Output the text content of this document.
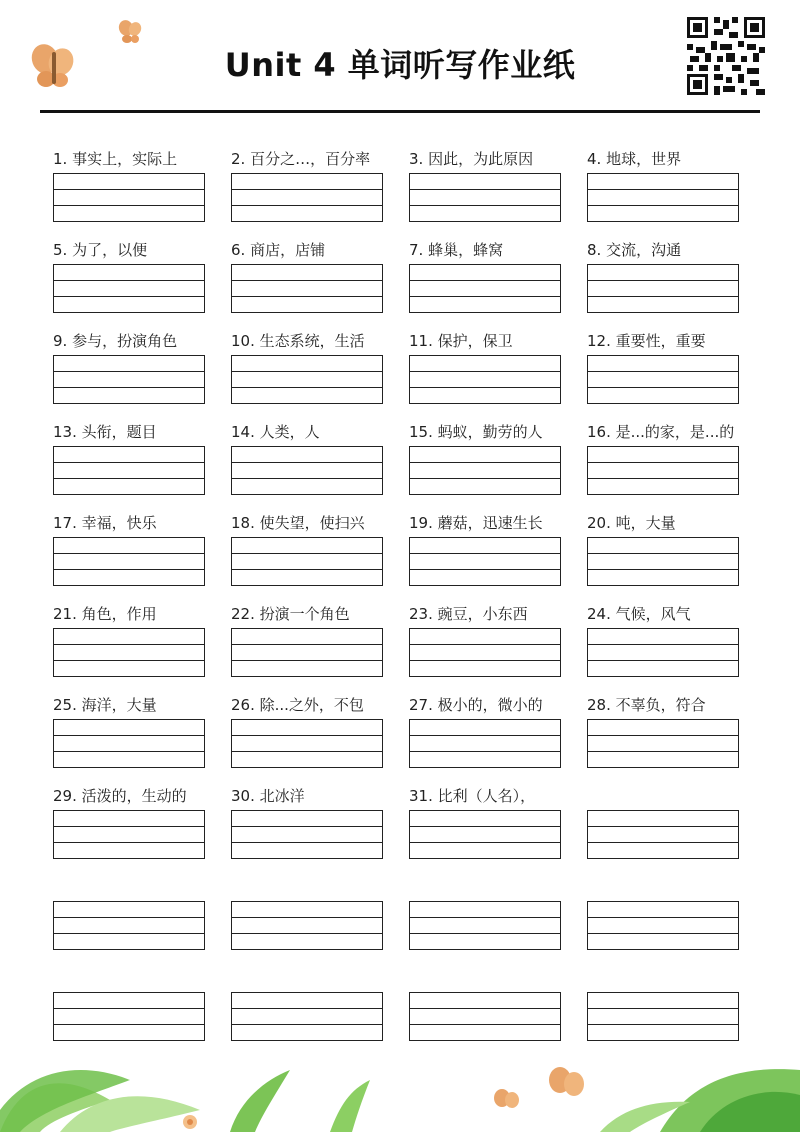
Unit 4 单词听写作业纸
1. 事实上，实际上	2. 百分之…，百分率	3. 因此，为此原因	4. 地球，世界
5. 为了，以便	6. 商店，店铺	7. 蜂巢，蜂窝	8. 交流，沟通
9. 参与，扮演角色	10. 生态系统，生活	11. 保护，保卫	12. 重要性，重要
13. 头衔，题目	14. 人类，人	15. 蚂蚁，勤劳的人	16. 是...的家，是...的
17. 幸福，快乐	18. 使失望，使扫兴	19. 蘑菇，迅速生长	20. 吨，大量
21. 角色，作用	22. 扮演一个角色	23. 豌豆，小东西	24. 气候，风气
25. 海洋，大量	26. 除...之外，不包	27. 极小的，微小的	28. 不辜负，符合
29. 活泼的，生动的	30. 北冰洋	31. 比利（人名），
